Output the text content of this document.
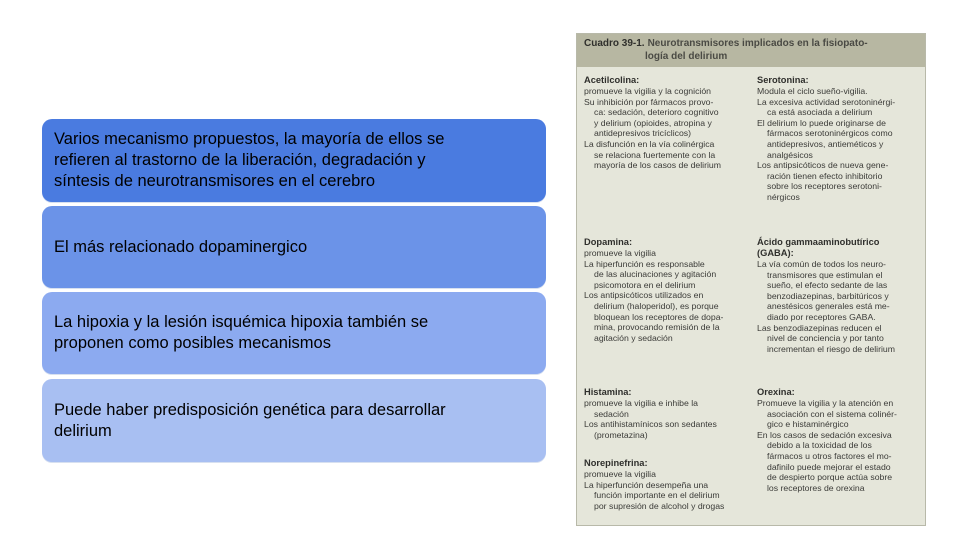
Varios mecanismo propuestos, la mayoría de ellos se
refieren al trastorno de la liberación, degradación y
síntesis de neurotransmisores en el cerebro
El más relacionado dopaminergico
La hipoxia y la lesión isquémica hipoxia también se
proponen como posibles mecanismos
Puede haber predisposición genética para desarrollar
delirium
Cuadro 39-1. Neurotransmisores implicados en la fisiopato-
logía del delirium
Acetilcolina:
promueve la vigilia y la cognición
Su inhibición por fármacos provo-
ca: sedación, deterioro cognitivo
y delirium (opioides, atropina y
antidepresivos tricíclicos)
La disfunción en la vía colinérgica
se relaciona fuertemente con la
mayoría de los casos de delirium
Serotonina:
Modula el ciclo sueño-vigilia.
La excesiva actividad serotoninérgi-
ca está asociada a delirium
El delirium lo puede originarse de
fármacos serotoninérgicos como
antidepresivos, antieméticos y
analgésicos
Los antipsicóticos de nueva gene-
ración tienen efecto inhibitorio
sobre los receptores serotoni-
nérgicos
Dopamina:
promueve la vigilia
La hiperfunción es responsable
de las alucinaciones y agitación
psicomotora en el delirium
Los antipsicóticos utilizados en
delirium (haloperidol), es porque
bloquean los receptores de dopa-
mina, provocando remisión de la
agitación y sedación
Ácido gammaaminobutírico
(GABA):
La vía común de todos los neuro-
transmisores que estimulan el
sueño, el efecto sedante de las
benzodiazepinas, barbitúricos y
anestésicos generales está me-
diado por receptores GABA.
Las benzodiazepinas reducen el
nivel de conciencia y por tanto
incrementan el riesgo de delirium
Histamina:
promueve la vigilia e inhibe la
sedación
Los antihistamínicos son sedantes
(prometazina)
Orexina:
Promueve la vigilia y la atención en
asociación con el sistema colinér-
gico e histaminérgico
En los casos de sedación excesiva
debido a la toxicidad de los
fármacos u otros factores el mo-
dafinilo puede mejorar el estado
de despierto porque actúa sobre
los receptores de orexina
Norepinefrina:
promueve la vigilia
La hiperfunción desempeña una
función importante en el delirium
por supresión de alcohol y drogas
